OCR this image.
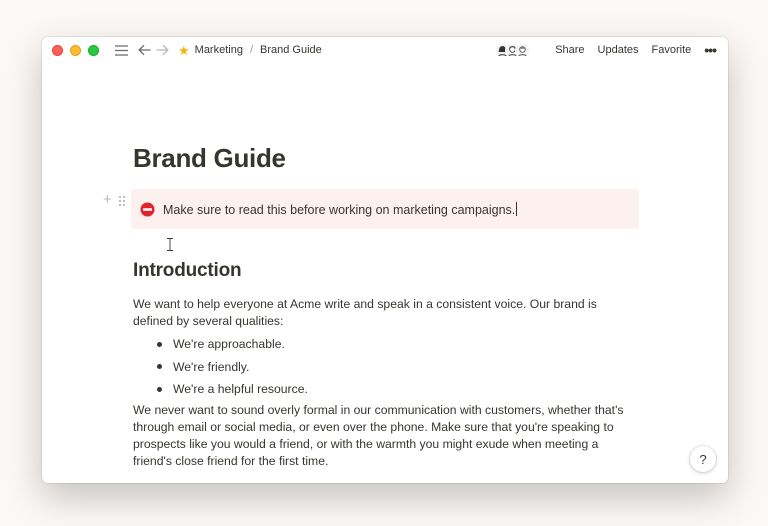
★ Marketing / Brand Guide	Share Updates Favorite •••
Brand Guide
Make sure to read this before working on marketing campaigns.
+
Introduction

We want to help everyone at Acme write and speak in a consistent voice. Our brand is defined by several qualities:

We're approachable.
We're friendly.
We're a helpful resource.

We never want to sound overly formal in our communication with customers, whether that's through email or social media, or even over the phone. Make sure that you're speaking to prospects like you would a friend, or with the warmth you might exude when meeting a friend's close friend for the first time.	?
